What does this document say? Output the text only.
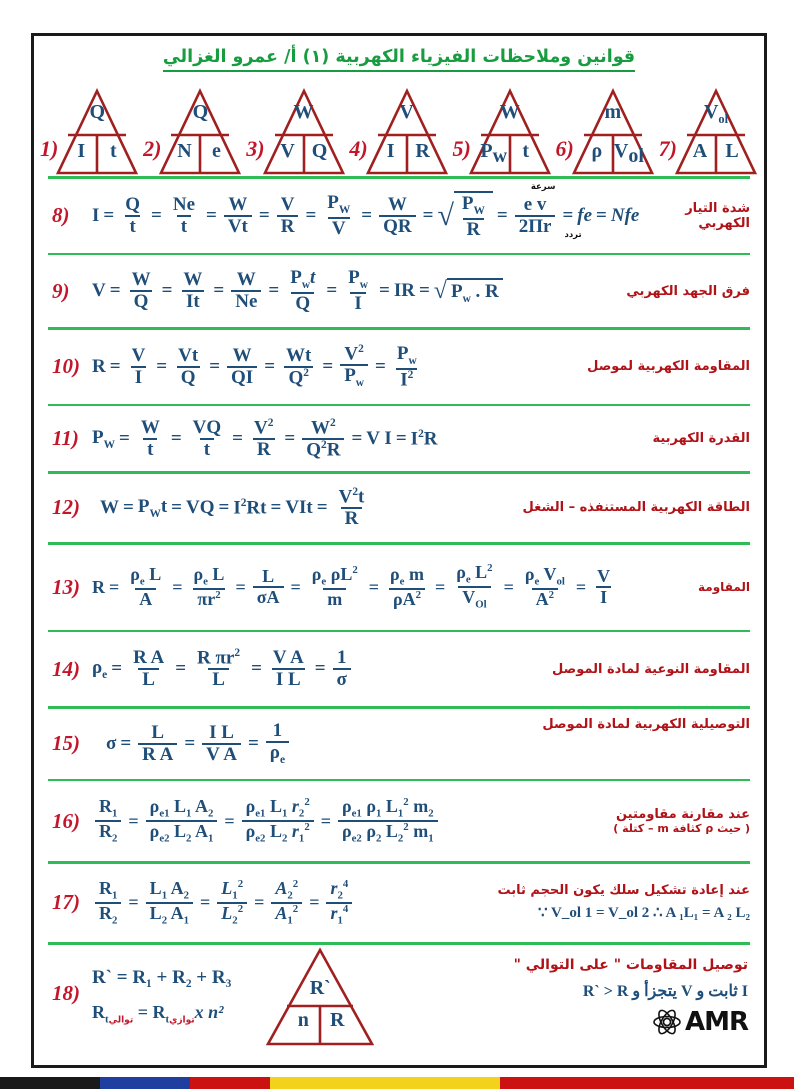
قوانين وملاحظات الفيزياء الكهربية (١) أ/ عمرو الغزالي
1)
Q
I	t	2)
Q
N	e	3)
W
V Q	4)
V
I	R	5)
W
Pw t	6)
m
ρ Vol 7)
$V_{ol}$
A L
8)	$I = \frac{Q}{t} = \frac{Ne}{t} = \frac{W}{Vt} = \frac{V}{R} = \frac{P_W}{V} = \frac{W}{QR}$ = √ $\frac{P_W}{R} = e$ v
سرعة
2Πr =
تردد
fe = Nfe	شدة التيار
الكهربي
9)	$V = \frac{W}{Q} = \frac{W}{It} = \frac{W}{Ne} = \frac{P_wt}{Q} = \frac{P_w}{I}$ = IR = √ $P_w$ . R	فرق الجهد الكهربي
10) $R = \frac{V}{I} = \frac{Vt}{Q} = \frac{W}{QI} = \frac{Wt}{Q^2} = \frac{V^2}{P_w} = \frac{P_w}{I^2}$	المقاومة الكهربية لموصل
11) $P_W = \frac{W}{t} = \frac{VQ}{t} = \frac{V^2}{R} = \frac{W^2}{Q^2R} = V$ $I = I^2R$	القدرة الكهربية
12)	$W = P_Wt$ = VQ = $I^2Rt$ = VIt = $\frac{V^2t}{R}$	الطاقة الكهربية المستنفذه – الشغل
13) $R = \frac{\rho_e L}{A} = \frac{\rho_e L}{\pi r^2} = \frac{L}{\sigma A} = \frac{\rho_e \rho L^2}{m} = \frac{\rho_e m}{\rho A^2} = \frac{\rho_e L^2}{V_{Ol}} = \frac{\rho_e V_{ol}}{A^2} = \frac{V}{I}$	المقاومة
14) $\rho_e = \frac{\text{R A}}{L} = \frac{R \pi r^2}{L} = \frac{\text{V A}}{\text{I L}} = \frac{1}{\sigma}$	المقاومة النوعية لمادة الموصل
15)	$\sigma = \frac{L}{\text{R A}} = \frac{\text{I L}}{\text{V A}} = \frac{1}{\rho_e}$	التوصيلية الكهربية لمادة الموصل
$16) \frac{R_1}{R_2} = \frac{\rho_{e1} L_1 A_2}{\rho_{e2} L_2 A_1} = \frac{\rho_{e1} L_1 r_2^2}{\rho_{e2} L_2 r_1^2} = \frac{\rho_{e1} \rho_1 L_1^2 m_2}{\rho_{e2} \rho_2 L_2^2 m_1}$	عند مقارنة مقاومتين
( حيث ρ كثافة m – كتلة )
$17) \frac{R_1}{R_2} = \frac{L_1 A_2}{L_2 A_1} = \frac{L_1^2}{L_2^2} = \frac{A_2^2}{A_1^2} = \frac{r_2^4}{r_1^4}$	عند إعادة تشكيل سلك يكون الحجم ثابت
∵ V_ol 1 = V_ol 2 ∴ A ₁L₁ = A ₂ L₂
18)
R` = R₁ + R₂ + R₃
$R_{tتوالي} = R_{tتوازي}x$ n²
R`
n	R
توصيل المقاومات " على التوالي "
I ثابت و V يتجزأ و R` > R
AMR
